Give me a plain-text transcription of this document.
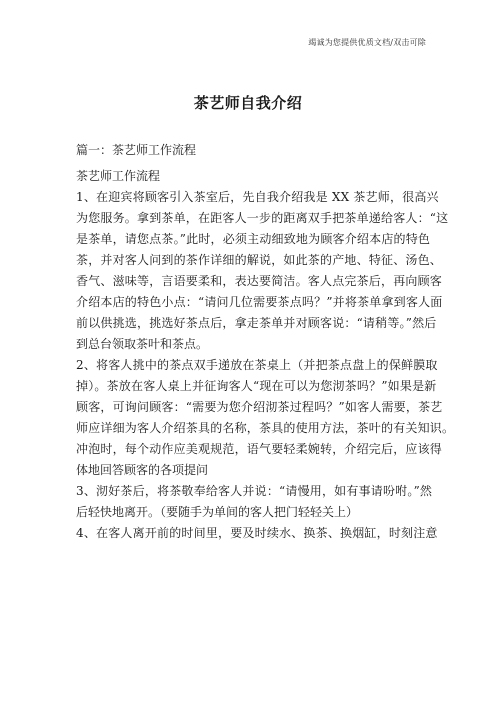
竭诚为您提供优质文档/双击可除
茶艺师自我介绍
篇一：茶艺师工作流程
茶艺师工作流程
1、在迎宾将顾客引入茶室后，先自我介绍我是 XX 茶艺师，很高兴
为您服务。拿到茶单，在距客人一步的距离双手把茶单递给客人：“这
是茶单，请您点茶。”此时，必须主动细致地为顾客介绍本店的特色
茶，并对客人问到的茶作详细的解说，如此茶的产地、特征、汤色、
香气、滋味等，言语要柔和，表达要简洁。客人点完茶后，再向顾客
介绍本店的特色小点：“请问几位需要茶点吗？”并将茶单拿到客人面
前以供挑选，挑选好茶点后，拿走茶单并对顾客说：“请稍等。”然后
到总台领取茶叶和茶点。
2、将客人挑中的茶点双手递放在茶桌上（并把茶点盘上的保鲜膜取
掉）。茶放在客人桌上并征询客人“现在可以为您沏茶吗？”如果是新
顾客，可询问顾客：“需要为您介绍沏茶过程吗？”如客人需要，茶艺
师应详细为客人介绍茶具的名称，茶具的使用方法，茶叶的有关知识。
冲泡时，每个动作应美观规范，语气要轻柔婉转，介绍完后，应该得
体地回答顾客的各项提问
3、沏好茶后，将茶敬奉给客人并说：“请慢用，如有事请吩咐。”然
后轻快地离开。（要随手为单间的客人把门轻轻关上）
4、在客人离开前的时间里，要及时续水、换茶、换烟缸，时刻注意
